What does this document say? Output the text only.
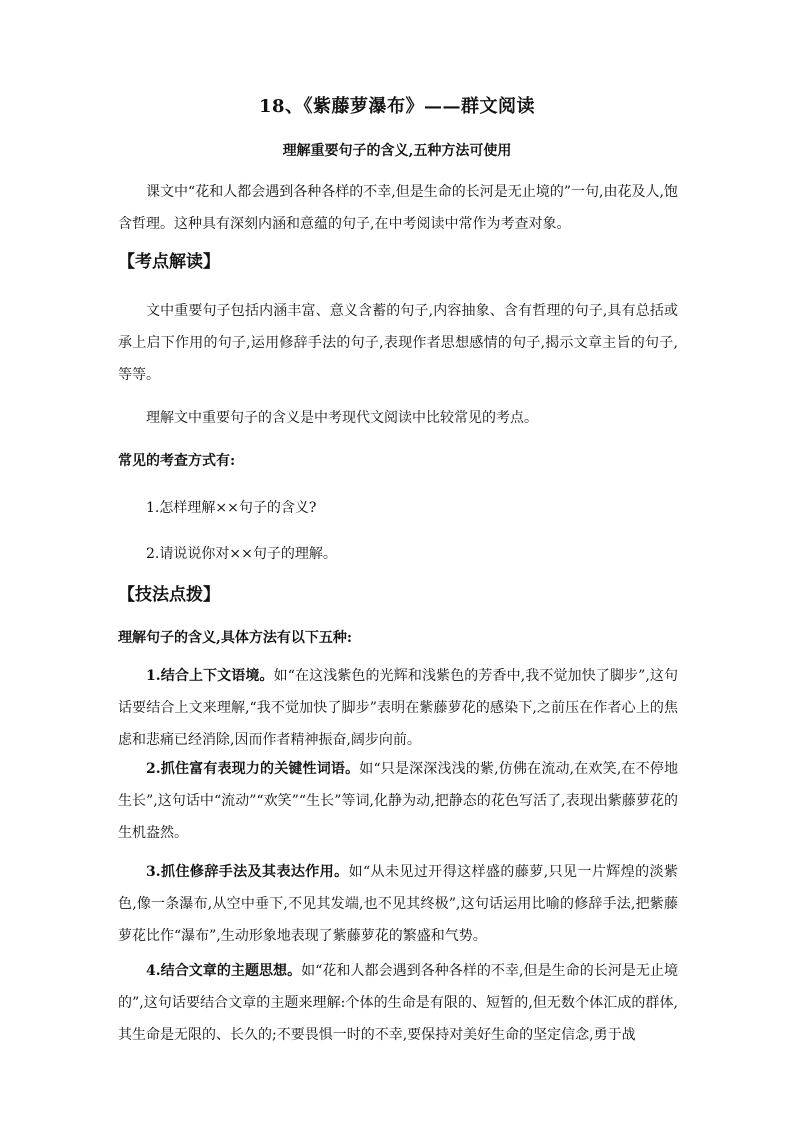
18、《紫藤萝瀑布》——群文阅读
理解重要句子的含义,五种方法可使用
课文中“花和人都会遇到各种各样的不幸,但是生命的长河是无止境的”一句,由花及人,饱含哲理。这种具有深刻内涵和意蕴的句子,在中考阅读中常作为考查对象。
【考点解读】
文中重要句子包括内涵丰富、意义含蓄的句子,内容抽象、含有哲理的句子,具有总括或承上启下作用的句子,运用修辞手法的句子,表现作者思想感情的句子,揭示文章主旨的句子,等等。
理解文中重要句子的含义是中考现代文阅读中比较常见的考点。
常见的考查方式有:
1.怎样理解××句子的含义?
2.请说说你对××句子的理解。
【技法点拨】
理解句子的含义,具体方法有以下五种:
1.结合上下文语境。如“在这浅紫色的光辉和浅紫色的芳香中,我不觉加快了脚步”,这句话要结合上文来理解,“我不觉加快了脚步”表明在紫藤萝花的感染下,之前压在作者心上的焦虑和悲痛已经消除,因而作者精神振奋,阔步向前。
2.抓住富有表现力的关键性词语。如“只是深深浅浅的紫,仿佛在流动,在欢笑,在不停地生长”,这句话中“流动”“欢笑”“生长”等词,化静为动,把静态的花色写活了,表现出紫藤萝花的生机盎然。
3.抓住修辞手法及其表达作用。如“从未见过开得这样盛的藤萝,只见一片辉煌的淡紫色,像一条瀑布,从空中垂下,不见其发端,也不见其终极”,这句话运用比喻的修辞手法,把紫藤萝花比作“瀑布”,生动形象地表现了紫藤萝花的繁盛和气势。
4.结合文章的主题思想。如“花和人都会遇到各种各样的不幸,但是生命的长河是无止境的”,这句话要结合文章的主题来理解:个体的生命是有限的、短暂的,但无数个体汇成的群体,其生命是无限的、长久的;不要畏惧一时的不幸,要保持对美好生命的坚定信念,勇于战
